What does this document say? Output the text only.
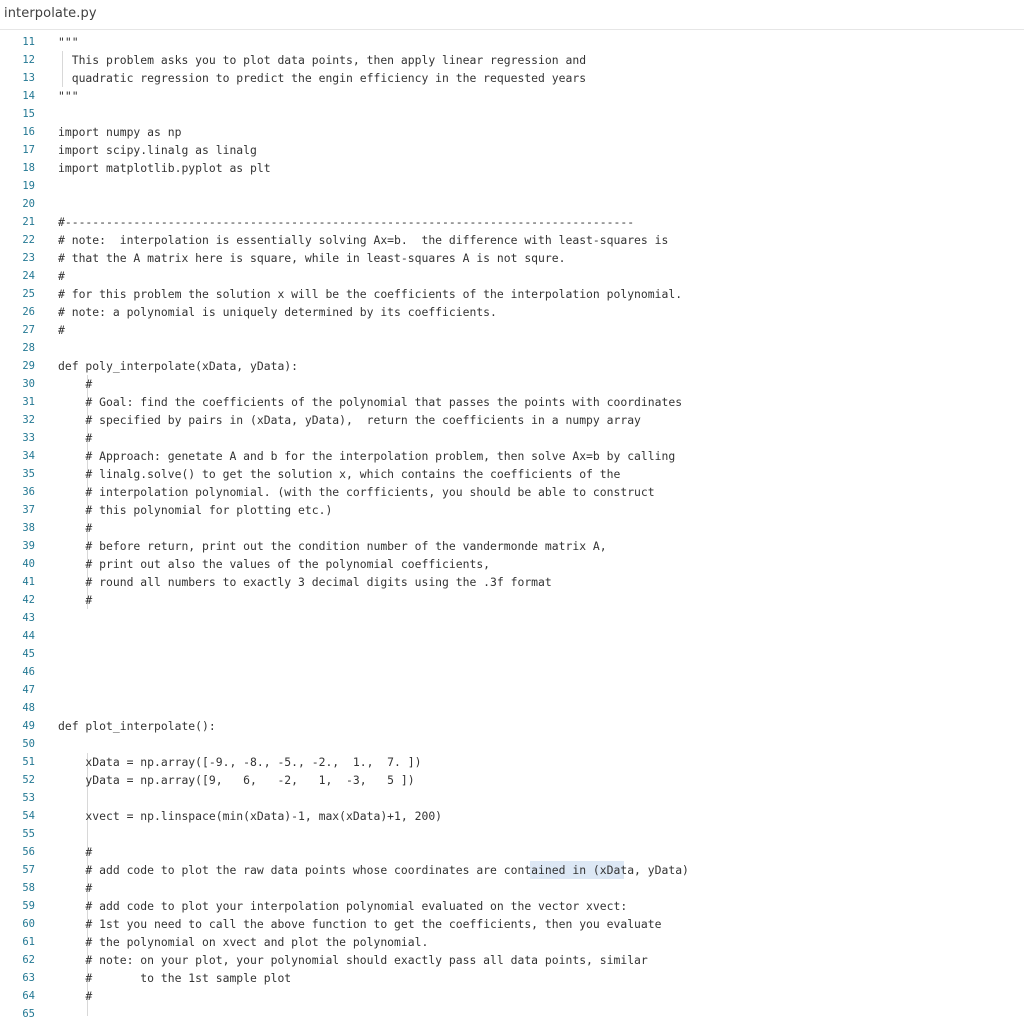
interpolate.py
11 """
12 This problem asks you to plot data points, then apply linear regression and
13 quadratic regression to predict the engin efficiency in the requested years
14 """
15
16 import numpy as np
17 import scipy.linalg as linalg
18 import matplotlib.pyplot as plt
19
20
21 #-----------------------------------------------------------------------------------
22 # note:  interpolation is essentially solving Ax=b.  the difference with least-squares is
23 # that the A matrix here is square, while in least-squares A is not squre.
24 #
25 # for this problem the solution x will be the coefficients of the interpolation polynomial.
26 # note: a polynomial is uniquely determined by its coefficients.
27 #
28
29 def poly_interpolate(xData, yData):
30 #
31 # Goal: find the coefficients of the polynomial that passes the points with coordinates
32 # specified by pairs in (xData, yData),  return the coefficients in a numpy array
33 #
34 # Approach: genetate A and b for the interpolation problem, then solve Ax=b by calling
35 # linalg.solve() to get the solution x, which contains the coefficients of the
36 # interpolation polynomial. (with the corfficients, you should be able to construct
37 # this polynomial for plotting etc.)
38 #
39 # before return, print out the condition number of the vandermonde matrix A,
40 # print out also the values of the polynomial coefficients,
41 # round all numbers to exactly 3 decimal digits using the .3f format
42 #
43
44
45
46
47
48
49 def plot_interpolate():
50
51 xData = np.array([-9., -8., -5., -2.,  1.,  7. ])
52 yData = np.array([9,   6,   -2,   1,  -3,   5 ])
53
54 xvect = np.linspace(min(xData)-1, max(xData)+1, 200)
55
56 #
57 # add code to plot the raw data points whose coordinates are contained in (xData, yData)
58 #
59 # add code to plot your interpolation polynomial evaluated on the vector xvect:
60 # 1st you need to call the above function to get the coefficients, then you evaluate
61 # the polynomial on xvect and plot the polynomial.
62 # note: on your plot, your polynomial should exactly pass all data points, similar
63 #       to the 1st sample plot
64 #
65
